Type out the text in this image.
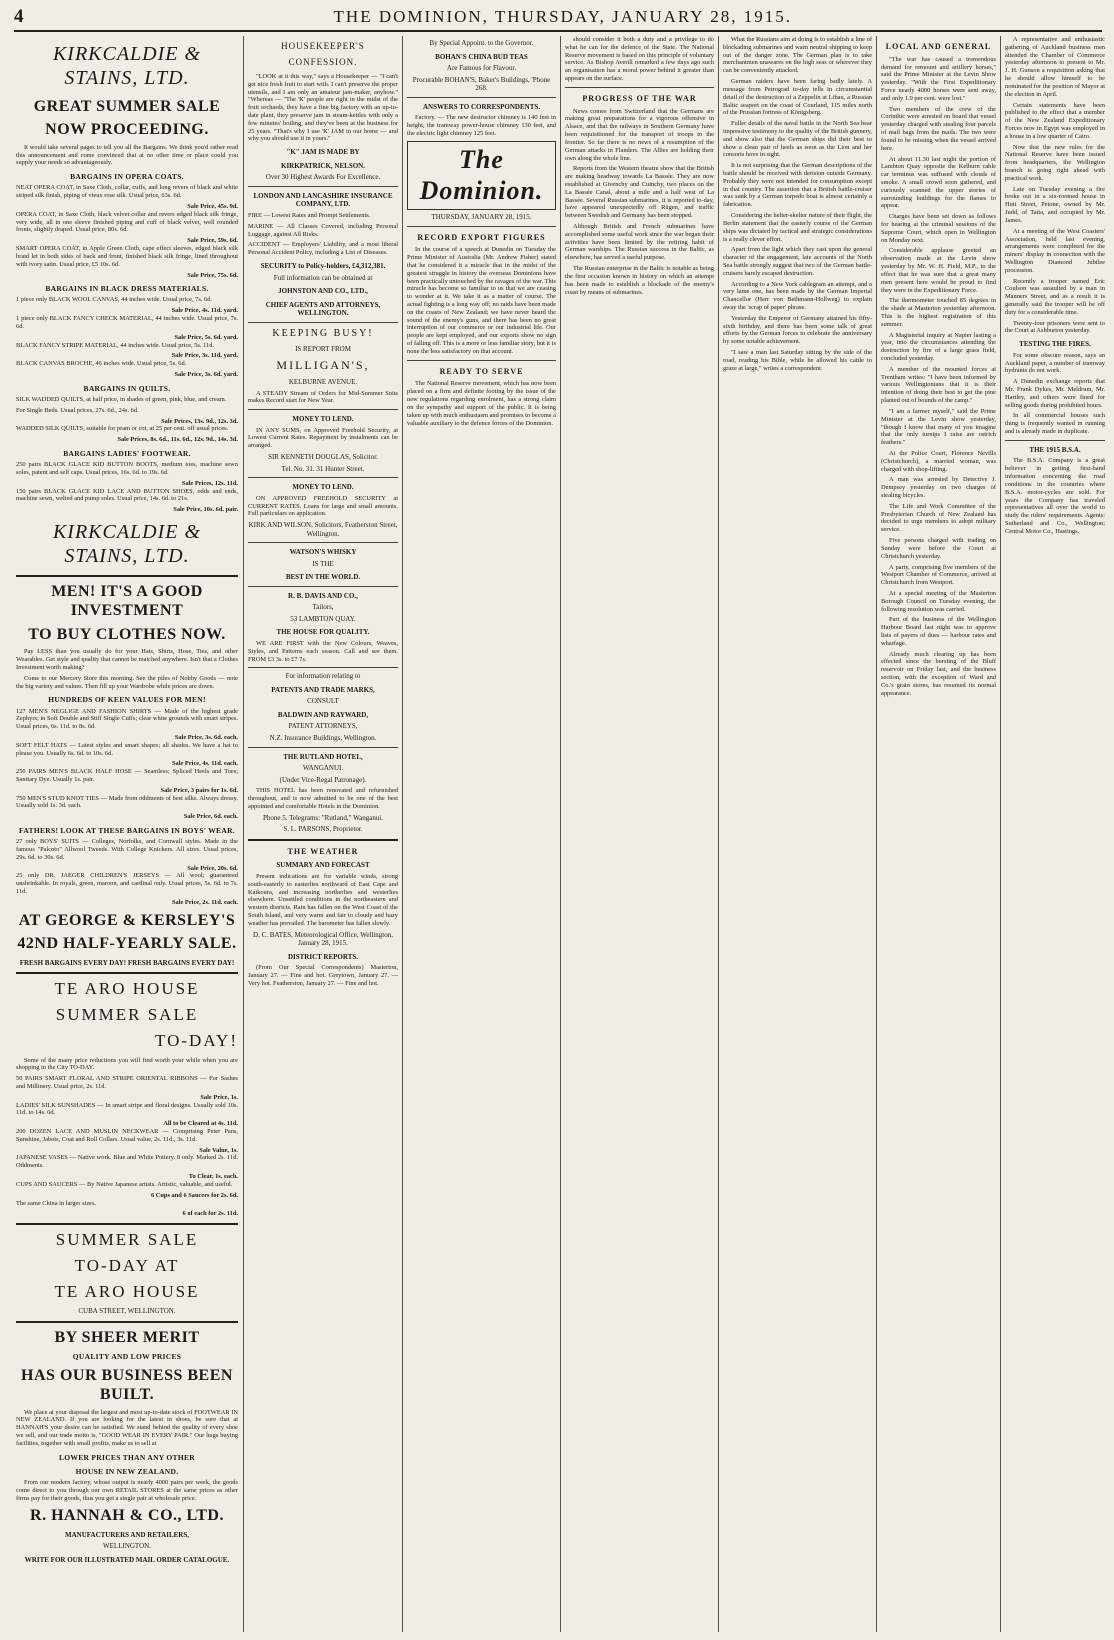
4	THE DOMINION, THURSDAY, JANUARY 28, 1915.
KIRKCALDIE & STAINS, LTD.
GREAT SUMMER SALE
NOW PROCEEDING.

It would take several pages to tell you all the Bargains. We think you'd rather read this announcement and come convinced that at no other time or place could you supply your needs so advantageously.

BARGAINS IN OPERA COATS.
NEAT OPERA COAT, in Saxe Cloth, collar, cuffs, and long revers of black and white striped silk finish, piping of vieux rose silk. Usual price, 63s. 6d.
Sale Price, 45s. 9d.
OPERA COAT, in Saxe Cloth, black velvet collar and revers edged black silk fringe, very wide, all in one sleeve finished piping and cuff of black velvet, well rounded fronts, slightly draped. Usual price, 80s. 6d.
Sale Price, 59s. 6d.
SMART OPERA COAT, in Apple Green Cloth, cape effect sleeves, edged black silk braid let in both sides of back and front, finished black silk fringe, lined throughout with ivory satin. Usual price, £5 10s. 6d.
Sale Price, 75s. 6d.
BARGAINS IN BLACK DRESS MATERIALS.
1 piece only BLACK WOOL CANVAS, 44 inches wide. Usual price, 7s. 6d.
Sale Price, 4s. 11d. yard.
1 piece only BLACK FANCY CHECK MATERIAL, 44 inches wide. Usual price, 7s. 6d.
Sale Price, 5s. 6d. yard.
BLACK FANCY STRIPE MATERIAL, 44 inches wide. Usual price, 5s. 11d.
Sale Price, 3s. 11d. yard.
BLACK CANVAS BROCHE, 46 inches wide. Usual price, 5s. 6d.
Sale Price, 3s. 6d. yard.
BARGAINS IN QUILTS.
SILK WADDED QUILTS, at half price, in shades of green, pink, blue, and cream.
For Single Beds. Usual prices, 27s. 6d., 24s. 6d.
Sale Prices, 13s. 9d., 12s. 3d.
WADDED SILK QUILTS, suitable for pram or cot, at 25 per cent. off usual prices.
Sale Prices, 8s. 6d., 11s. 6d., 12s. 9d., 14s. 3d.
BARGAINS LADIES' FOOTWEAR.
250 pairs BLACK GLACE KID BUTTON BOOTS, medium toes, machine sewn soles, patent and self caps. Usual prices, 16s. 6d. to 19s. 6d.
Sale Prices, 12s. 11d.
150 pairs BLACK GLACE KID LACE AND BUTTON SHOES, odds and ends, machine sewn, welted and pump soles. Usual price, 14s. 6d. to 21s.
Sale Price, 10s. 6d. pair.
KIRKCALDIE & STAINS, LTD.
MEN! IT'S A GOOD INVESTMENT
TO BUY CLOTHES NOW.

Pay LESS than you usually do for your Hats, Shirts, Hose, Ties, and other Wearables. Get style and quality that cannot be matched anywhere. Isn't that a Clothes Investment worth making?

Come to our Mercery Store this morning. See the piles of Nobby Goods — note the big variety and values. Then fill up your Wardrobe while prices are down.

HUNDREDS OF KEEN VALUES FOR MEN!
127 MEN'S NEGLIGE AND FASHION SHIRTS — Made of the highest grade Zephyrs; in Soft Double and Stiff Single Cuffs; clear white grounds with smart stripes. Usual prices, 6s. 11d. to 8s. 6d.
Sale Price, 3s. 6d. each.
SOFT FELT HATS — Latest styles and smart shapes; all shades. We have a hat to please you. Usually 6s. 6d. to 10s. 6d.
Sale Price, 4s. 11d. each.
250 PAIRS MEN'S BLACK HALF HOSE — Seamless; Spliced Heels and Toes; Sanitary Dye. Usually 1s. pair.
Sale Price, 3 pairs for 1s. 6d.
750 MEN'S STUD KNOT TIES — Made from oddments of best silks. Always dressy. Usually sold 1s. 3d. each.
Sale Price, 6d. each.
FATHERS! LOOK AT THESE BARGAINS IN BOYS' WEAR.
27 only BOYS' SUITS — Colleges, Norfolks, and Cornwall styles. Made in the famous "Palcoto" Allwool Tweeds. With College Knickers. All sizes. Usual prices, 29s. 6d. to 30s. 6d.
Sale Price, 20s. 6d.
25 only DR. JAEGER CHILDREN'S JERSEYS — All wool; guaranteed unshrinkable. In royals, green, maroon, and cardinal only. Usual prices, 5s. 6d. to 7s. 11d.
Sale Price, 2s. 11d. each.
AT GEORGE & KERSLEY'S
42ND HALF-YEARLY SALE.
FRESH BARGAINS EVERY DAY! FRESH BARGAINS EVERY DAY!
TE ARO HOUSE
SUMMER SALE
TO-DAY!

Some of the many price reductions you will find worth your while when you are shopping in the City TO-DAY.

50 PAIRS SMART FLORAL AND STRIPE ORIENTAL RIBBONS — For Sashes and Millinery. Usual price, 2s. 11d.
Sale Price, 1s.
LADIES' SILK SUNSHADES — In smart stripe and floral designs. Usually sold 10s. 11d. to 14s. 6d.
All to be Cleared at 4s. 11d.
200 DOZEN LACE AND MUSLIN NECKWEAR — Comprising Peter Pans, Sunshine, Jabots, Coat and Roll Collars. Usual value, 2s. 11d., 3s. 11d.
Sale Value, 1s.
JAPANESE VASES — Native work. Blue and White Pottery. 8 only. Marked 2s. 11d. Oddments.
To Clear, 1s. each.
CUPS AND SAUCERS — By Native Japanese artists. Artistic, valuable, and useful.
6 Cups and 6 Saucers for 2s. 6d.
The same China in larger sizes.
6 of each for 2s. 11d.
SUMMER SALE
TO-DAY AT
TE ARO HOUSE
CUBA STREET, WELLINGTON.
BY SHEER MERIT
QUALITY AND LOW PRICES
HAS OUR BUSINESS BEEN BUILT.

We place at your disposal the largest and most up-to-date stock of FOOTWEAR IN NEW ZEALAND. If you are looking for the latest in shoes, be sure that at HANNAH'S your desire can be satisfied. We stand behind the quality of every shoe we sell, and our trade motto is, "GOOD WEAR IN EVERY PAIR." Our hugs buying facilities, together with small profits, make us to sell at

LOWER PRICES THAN ANY OTHER
HOUSE IN NEW ZEALAND.

From our modern factory, whose output is nearly 4000 pairs per week, the goods come direct to you through our own RETAIL STORES at the same prices as other firms pay for their goods, thus you get a single pair at wholesale price.

R. HANNAH & CO., LTD.
MANUFACTURERS AND RETAILERS,
WELLINGTON.
WRITE FOR OUR ILLUSTRATED MAIL ORDER CATALOGUE.
HOUSEKEEPER'S
CONFESSION.

"LOOK at it this way," says a Housekeeper — "I can't get nice fresh fruit to start with. I can't preserve the proper utensils, and I am only an amateur jam-maker, anyhow." "Whereas — "The 'K' people are right in the midst of the fruit orchards, they have a fine big factory with an up-to-date plant, they preserve jam in steam-kettles with only a few minutes' boiling, and they've been at the business for 25 years. "That's why I use 'K' JAM in our home — and why you should use it in yours."

"K" JAM IS MADE BY
KIRKPATRICK, NELSON.
Over 30 Highest Awards For Excellence.
LONDON AND LANCASHIRE INSURANCE COMPANY, LTD.
FIRE — Lowest Rates and Prompt Settlements.
MARINE — All Classes Covered, including Personal Luggage, against All Risks.
ACCIDENT — Employers' Liability, and a most liberal Personal Accident Policy, including a List of Diseases.
SECURITY to Policy-holders, £4,312,381.
Full information can be obtained at
JOHNSTON AND CO., LTD.,
CHIEF AGENTS AND ATTORNEYS, WELLINGTON.
KEEPING BUSY!
IS REPORT FROM
MILLIGAN'S,
KELBURNE AVENUE.

A STEADY Stream of Orders for Mid-Summer Suits makes Record start for New Year.

MONEY TO LEND.

IN ANY SUMS, on Approved Freehold Security, at Lowest Current Rates. Repayment by instalments can be arranged.

SIR KENNETH DOUGLAS, Solicitor.
Tel. No. 31. 31 Hunter Street.
MONEY TO LEND.

ON APPROVED FREEHOLD SECURITY at CURRENT RATES. Loans for large and small amounts. Full particulars on application.

KIRK AND WILSON, Solicitors, Featherston Street, Wellington.
WATSON'S WHISKY
IS THE
BEST IN THE WORLD.
R. B. DAVIS AND CO.,
Tailors,
53 LAMBTON QUAY.
THE HOUSE FOR QUALITY.

WE ARE FIRST with the New Colours, Weaves, Styles, and Patterns each season. Call and see them. FROM £3 3s. to £7 7s.

For information relating to
PATENTS AND TRADE MARKS,
CONSULT
BALDWIN AND RAYWARD,
PATENT ATTORNEYS,
N.Z. Insurance Buildings, Wellington.
THE RUTLAND HOTEL,
WANGANUI.
(Under Vice-Regal Patronage).

THIS HOTEL has been renovated and refurnished throughout, and is now admitted to be one of the best appointed and comfortable Hotels in the Dominion.

Phone 5. Telegrams: "Rutland," Wanganui.
S. L. PARSONS, Proprietor.
THE WEATHER
SUMMARY AND FORECAST

Present indications are for variable winds, strong south-easterly to easterlies northward of East Cape and Kaikoura, and increasing northerlies and westerlies elsewhere. Unsettled conditions in the northeastern and western districts. Rain has fallen on the West Coast of the South Island, and very warm and fair to cloudy and hazy weather has prevailed. The barometer has fallen slowly.

D. C. BATES, Meteorological Office, Wellington, January 28, 1915.
DISTRICT REPORTS.

(From Our Special Correspondents) Masterton, January 27. — Fine and hot. Greytown, January 27. — Very hot. Featherston, January 27. — Fine and hot.

By Special Appoint. to the Governor.
BOHAN'S CHINA BUD TEAS
Are Famous for Flavour.
Procurable BOHAN'S, Baker's Buildings, 'Phone 268.
ANSWERS TO CORRESPONDENTS.

Factory. — The new destructor chimney is 140 feet in height, the tramway power-house chimney 130 feet, and the electric light chimney 125 feet.

The Dominion.
THURSDAY, JANUARY 28, 1915.
RECORD EXPORT FIGURES

In the course of a speech at Dunedin on Tuesday the Prime Minister of Australia (Mr. Andrew Fisher) stated that he considered it a miracle that in the midst of the greatest struggle in history the overseas Dominions have been practically untouched by the ravages of the war. This miracle has become so familiar to us that we are ceasing to wonder at it. We take it as a matter of course. The actual fighting is a long way off; no raids have been made on the coasts of New Zealand; we have never heard the sound of the enemy's guns, and there has been no great interruption of our commerce or our industrial life. Our people are kept employed, and our exports show no sign of falling off. This is a more or less familiar story, but it is none the less satisfactory on that account.

READY TO SERVE

The National Reserve movement, which has now been placed on a firm and definite footing by the issue of the new regulations regarding enrolment, has a strong claim on the sympathy and support of the public. It is being taken up with much enthusiasm and promises to become a valuable auxiliary to the defence forces of the Dominion.

should consider it both a duty and a privilege to do what he can for the defence of the State. The National Reserve movement is based on this principle of voluntary service. As Bishop Averill remarked a few days ago such an organisation has a moral power behind it greater than appears on the surface.

PROGRESS OF THE WAR

News comes from Switzerland that the Germans are making great preparations for a vigorous offensive in Alsace, and that the railways in Southern Germany have been requisitioned for the transport of troops to the frontier. So far there is no news of a resumption of the German attacks in Flanders. The Allies are holding their own along the whole line.

Reports from the Western theatre show that the British are making headway towards La Bassée. They are now established at Givenchy and Cuinchy, two places on the La Bassée Canal, about a mile and a half west of La Bassée. Several Russian submarines, it is reported to-day, have appeared unexpectedly off Rügen, and traffic between Swedish and Germany has been stopped.

Although British and French submarines have accomplished some useful work since the war began their activities have been limited by the retiring habit of German warships. The Russian success in the Baltic, as elsewhere, has served a useful purpose.

The Russian enterprise in the Baltic is notable as being the first occasion known in history on which an attempt has been made to establish a blockade of the enemy's coast by means of submarines.

What the Russians aim at doing is to establish a line of blockading submarines and warn neutral shipping to keep out of the danger zone. The German plan is to take merchantmen unawares on the high seas or wherever they can be conveniently attacked.

German raiders have been faring badly lately. A message from Petrograd to-day tells in circumstantial detail of the destruction of a Zeppelin at Libau, a Russian Baltic seaport on the coast of Courland, 115 miles north of the Prussian fortress of Königsberg.

Fuller details of the naval battle in the North Sea bear impressive testimony to the quality of the British gunnery, and show also that the German ships did their best to show a clean pair of heels as soon as the Lion and her consorts hove in sight.

It is not surprising that the German descriptions of the battle should be received with derision outside Germany. Probably they were not intended for consumption except in that country. The assertion that a British battle-cruiser was sunk by a German torpedo boat is almost certainly a fabrication.

Considering the helter-skelter nature of their flight, the Berlin statement that the easterly course of the German ships was dictated by tactical and strategic considerations is a really clever effort.

Apart from the light which they cast upon the general character of the engagement, late accounts of the North Sea battle strongly suggest that two of the German battle-cruisers barely escaped destruction.

According to a New York cablegram an attempt, and a very lame one, has been made by the German Imperial Chancellor (Herr von Bethmann-Hollweg) to explain away the 'scrap of paper' phrase.

Yesterday the Emperor of Germany attained his fifty-sixth birthday, and there has been some talk of great efforts by the German forces to celebrate the anniversary by some notable achievement.

"I saw a man last Saturday sitting by the side of the road, reading his Bible, while he allowed his cattle to graze at large," writes a correspondent.

LOCAL AND GENERAL

"The war has caused a tremendous demand for remount and artillery horses," said the Prime Minister at the Levin Show yesterday. "With the First Expeditionary Force nearly 4000 horses were sent away, and only 1.9 per cent. were lost."

Two members of the crew of the Corinthic were arrested on board that vessel yesterday charged with stealing four parcels of mail bags from the mails. The two were found to be missing when the vessel arrived here.

At about 11.30 last night the portion of Lambton Quay opposite the Kelburn cable car terminus was suffused with clouds of smoke. A small crowd soon gathered, and curiously scanned the upper stories of surrounding buildings for the flames to appear.

Charges have been set down as follows for hearing at the criminal sessions of the Supreme Court, which open in Wellington on Monday next.

Considerable applause greeted an observation made at the Levin show yesterday by Mr. W. H. Field, M.P., to the effect that he was sure that a great many men present here would be proud to find they were in the Expeditionary Force.

The thermometer touched 85 degrees in the shade at Masterton yesterday afternoon. This is the highest registration of this summer.

A Magisterial inquiry at Napier lasting a year, into the circumstances attending the destruction by fire of a large grass field, concluded yesterday.

A member of the mounted forces at Trentham writes: "I have been informed by various Wellingtonians that it is their intention of doing their best to get the pine planted out of bounds of the camp."

"I am a farmer myself," said the Prime Minister at the Levin show yesterday, "though I know that many of you imagine that the only turnips I raise are ostrich feathers."

At the Police Court, Florence Nevills (Christchurch), a married woman, was charged with shop-lifting.

A man was arrested by Detective J. Dempsey yesterday on two charges of stealing bicycles.

The Life and Work Committee of the Presbyterian Church of New Zealand has decided to urge members to adopt military service.

Five persons charged with trading on Sunday were before the Court at Christchurch yesterday.

A party, comprising five members of the Westport Chamber of Commerce, arrived at Christchurch from Westport.

At a special meeting of the Masterton Borough Council on Tuesday evening, the following resolution was carried.

Part of the business of the Wellington Harbour Board last night was to approve lists of payers of dues — harbour rates and wharfage.

Already much clearing up has been effected since the bursting of the Bluff reservoir on Friday last, and the business section, with the exception of Ward and Co.'s grain stores, has resumed its normal appearance.

A representative and enthusiastic gathering of Auckland business men attended the Chamber of Commerce yesterday afternoon to present to Mr. J. H. Gunson a requisition asking that he should allow himself to be nominated for the position of Mayor at the election in April.

Certain statements have been published to the effect that a member of the New Zealand Expeditionary Forces now in Egypt was employed in a house in a low quarter of Cairo.

Now that the new rules for the National Reserve have been issued from headquarters, the Wellington branch is going right ahead with practical work.

Late on Tuesday evening a fire broke out in a six-roomed house in Hutt Street, Petone, owned by Mr. Judd, of Taita, and occupied by Mr. James.

At a meeting of the West Coasters' Association, held last evening, arrangements were completed for the miners' display in connection with the Wellington Diamond Jubilee procession.

Recently a trooper named Eric Coulson was assaulted by a man in Manners Street, and as a result it is generally said the trooper will be off duty for a considerable time.

Twenty-four prisoners were sent to the Court at Ashburton yesterday.

TESTING THE FIRES.

For some obscure reason, says an Auckland paper, a number of tramway hydrants do not work.

A Dunedin exchange reports that Mr. Frank Dykes, Mr. Meldrum, Mr. Hartley, and others were fined for selling goods during prohibited hours.

In all commercial houses such thing is frequently wanted in running and is already made in duplicate.

THE 1915 B.S.A.

The B.S.A. Company is a great believer in getting first-hand information concerning the road conditions in the countries where B.S.A. motor-cycles are sold. For years the Company has traveled representatives all over the world to study the riders' requirements. Agents: Sutherland and Co., Wellington; Central Motor Co., Hastings.
